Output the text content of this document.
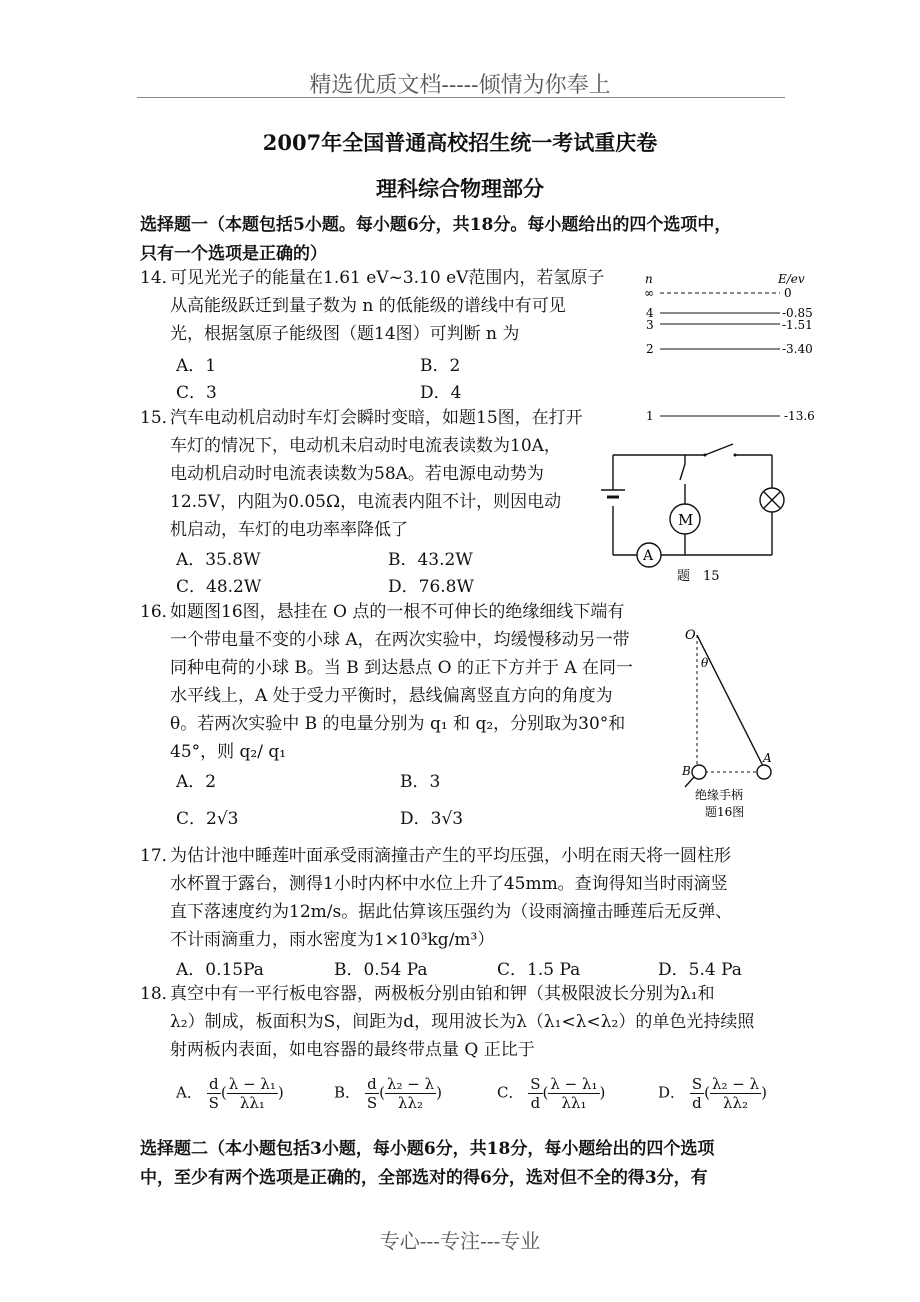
精选优质文档-----倾情为你奉上
2007年全国普通高校招生统一考试重庆卷
理科综合物理部分
选择题一（本题包括5小题。每小题6分，共18分。每小题给出的四个选项中，
只有一个选项是正确的）
14．可见光光子的能量在1.61 eV~3.10 eV范围内，若氢原子
从高能级跃迁到量子数为 n 的低能级的谱线中有可见
光，根据氢原子能级图（题14图）可判断 n 为
A．1	B．2
C．3	D．4
n	E/ev
∞	0
4	-0.85
3	-1.51
2	-3.40
1	-13.6
15．汽车电动机启动时车灯会瞬时变暗，如题15图，在打开
车灯的情况下，电动机未启动时电流表读数为10A，
电动机启动时电流表读数为58A。若电源电动势为
12.5V，内阻为0.05Ω，电流表内阻不计，则因电动
机启动，车灯的电功率率降低了
A．35.8W	B．43.2W
C．48.2W	D．76.8W
M
A
题　15
16．如题图16图，悬挂在 O 点的一根不可伸长的绝缘细线下端有
一个带电量不变的小球 A，在两次实验中，均缓慢移动另一带
同种电荷的小球 B。当 B 到达悬点 O 的正下方并于 A 在同一
水平线上，A 处于受力平衡时，悬线偏离竖直方向的角度为
θ。若两次实验中 B 的电量分别为 q₁ 和 q₂，分别取为30°和
45°，则 q₂/ q₁
A．2	B．3
C．2√3	D．3√3
O
θ
A
B
绝缘手柄
题16图
17．为估计池中睡莲叶面承受雨滴撞击产生的平均压强，小明在雨天将一圆柱形
水杯置于露台，测得1小时内杯中水位上升了45mm。查询得知当时雨滴竖
直下落速度约为12m/s。据此估算该压强约为（设雨滴撞击睡莲后无反弹、
不计雨滴重力，雨水密度为1×10³kg/m³）
A．0.15Pa	B．0.54 Pa	C．1.5 Pa	D．5.4 Pa
18．真空中有一平行板电容器，两极板分别由铂和钾（其极限波长分别为λ₁和
λ₂）制成，板面积为S，间距为d，现用波长为λ（λ₁<λ<λ₂）的单色光持续照
射两板内表面，如电容器的最终带点量 Q 正比于
A． $\frac{d}{S}$ ( $\frac{\text{λ − λ₁}}{\text{λλ₁}}$ )	B． $\frac{d}{S}$ ( $\frac{\text{λ₂ − λ}}{\text{λλ₂}}$ )	C． $\frac{S}{d}$ ( $\frac{\text{λ − λ₁}}{\text{λλ₁}}$ )	D． $\frac{S}{d}$ ( $\frac{\text{λ₂ − λ}}{\text{λλ₂}}$ )
选择题二（本小题包括3小题，每小题6分，共18分，每小题给出的四个选项
中，至少有两个选项是正确的，全部选对的得6分，选对但不全的得3分，有
专心---专注---专业
